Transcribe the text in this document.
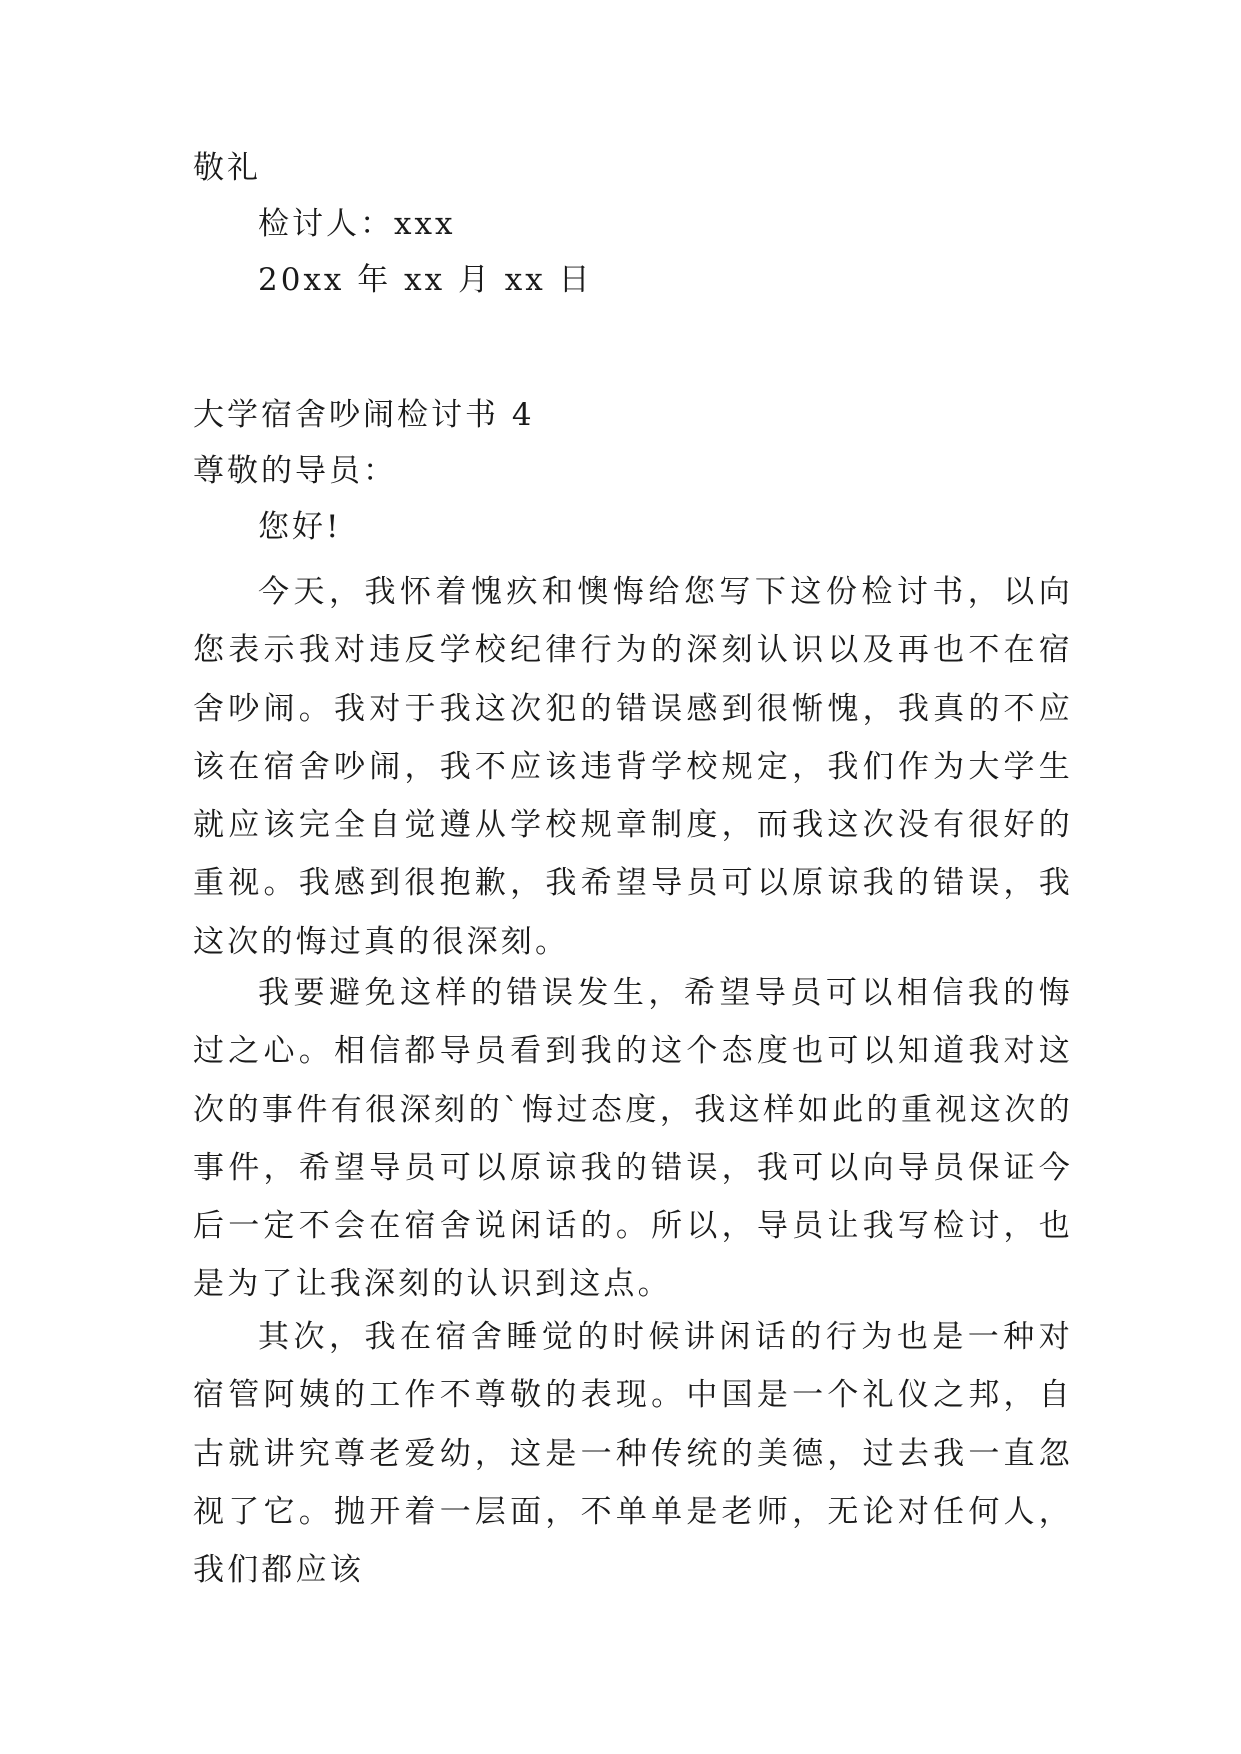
敬礼
检讨人：xxx
20xx 年 xx 月 xx 日
大学宿舍吵闹检讨书 4
尊敬的导员：
您好!

今天，我怀着愧疚和懊悔给您写下这份检讨书，以向您表示我对违反学校纪律行为的深刻认识以及再也不在宿舍吵闹。我对于我这次犯的错误感到很惭愧，我真的不应该在宿舍吵闹，我不应该违背学校规定，我们作为大学生就应该完全自觉遵从学校规章制度，而我这次没有很好的重视。我感到很抱歉，我希望导员可以原谅我的错误，我这次的悔过真的很深刻。

我要避免这样的错误发生，希望导员可以相信我的悔过之心。相信都导员看到我的这个态度也可以知道我对这次的事件有很深刻的`悔过态度，我这样如此的重视这次的事件，希望导员可以原谅我的错误，我可以向导员保证今后一定不会在宿舍说闲话的。所以，导员让我写检讨，也是为了让我深刻的认识到这点。

其次，我在宿舍睡觉的时候讲闲话的行为也是一种对宿管阿姨的工作不尊敬的表现。中国是一个礼仪之邦，自古就讲究尊老爱幼，这是一种传统的美德，过去我一直忽视了它。抛开着一层面，不单单是老师，无论对任何人，我们都应该
